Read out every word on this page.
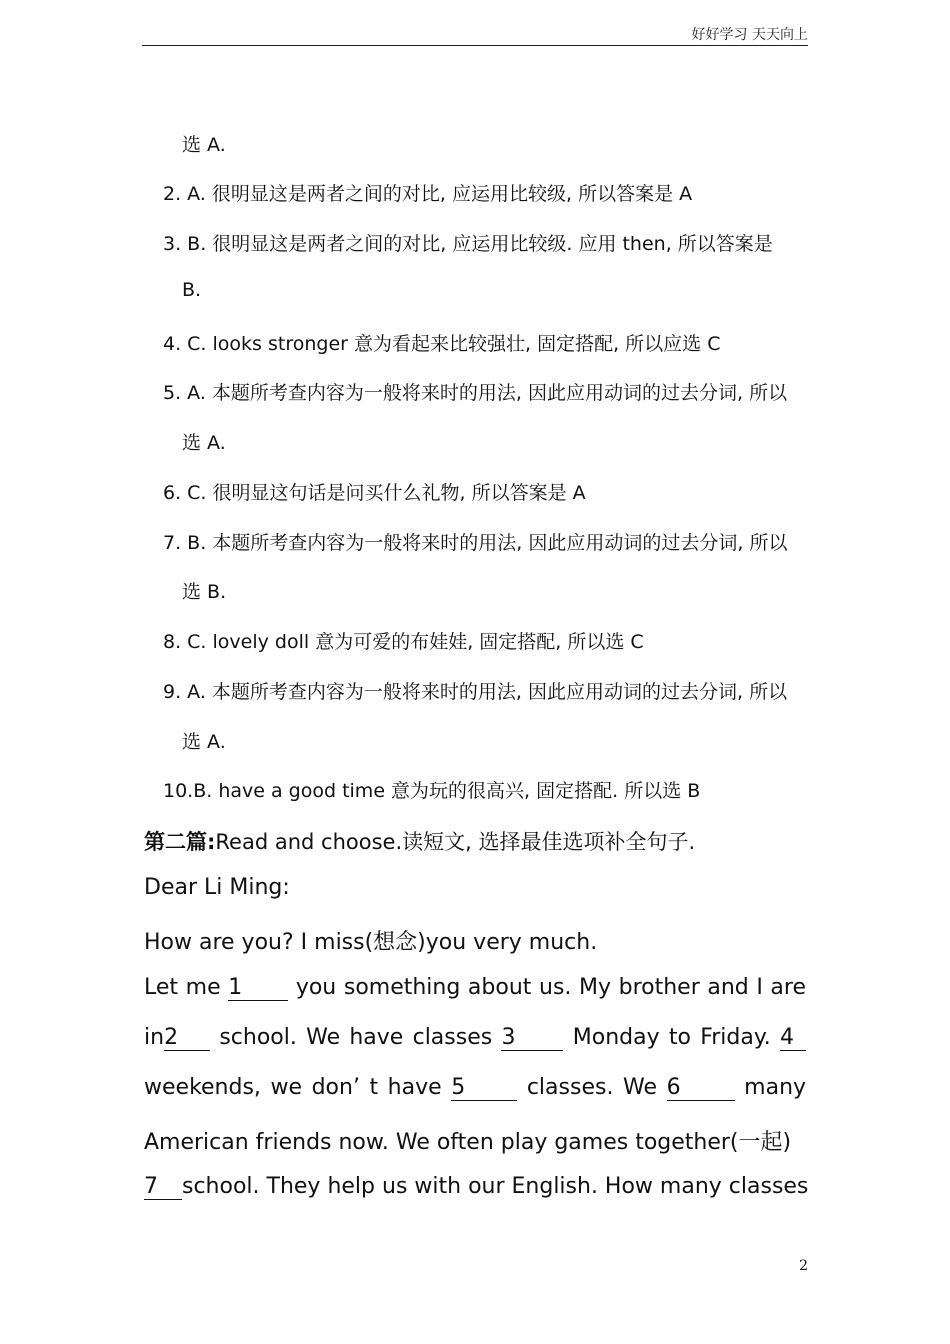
好好学习 天天向上
选 A.
2. A. 很明显这是两者之间的对比, 应运用比较级, 所以答案是 A
3. B. 很明显这是两者之间的对比, 应运用比较级. 应用 then, 所以答案是
B.
4. C. looks stronger 意为看起来比较强壮, 固定搭配, 所以应选 C
5. A. 本题所考查内容为一般将来时的用法, 因此应用动词的过去分词, 所以
选 A.
6. C. 很明显这句话是问买什么礼物, 所以答案是 A
7. B. 本题所考查内容为一般将来时的用法, 因此应用动词的过去分词, 所以
选 B.
8. C. lovely doll 意为可爱的布娃娃, 固定搭配, 所以选 C
9. A. 本题所考查内容为一般将来时的用法, 因此应用动词的过去分词, 所以
选 A.
10.B. have a good time 意为玩的很高兴, 固定搭配. 所以选 B
第二篇:Read and choose.读短文, 选择最佳选项补全句子.
Dear Li Ming:
How are you? I miss(想念)you very much.
Let me 1 you something about us. My brother and I are
in2 school. We have classes 3	Monday to Friday. 4
weekends, we don’ t have 5	classes. We 6	many
American friends now. We often play games together(一起)
7 school. They help us with our English. How many classes
2
